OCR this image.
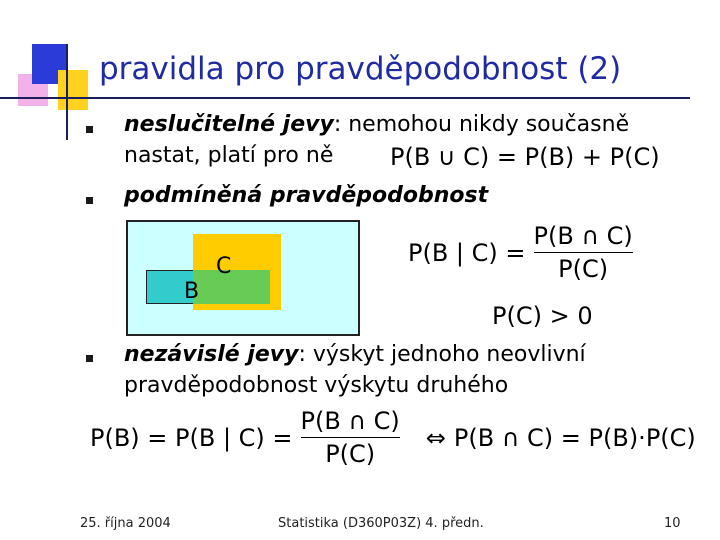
pravidla pro pravděpodobnost (2)
neslučitelné jevy: nemohou nikdy současně
nastat, platí pro ně P(B ∪ C) = P(B) + P(C)
podmíněná pravděpodobnost
B
C	P(B | $C) = \frac{P(B \cap C)}{P(C)}$
P(C) > 0
nezávislé jevy: výskyt jednoho neovlivní
pravděpodobnost výskytu druhého
P(B) = P(B | $C) = \frac{P(B \cap C)}{P(C)}$ ⇔ P(B ∩ C) = P(B)·P(C)
25. října 2004	Statistika (D360P03Z) 4. předn.	10
